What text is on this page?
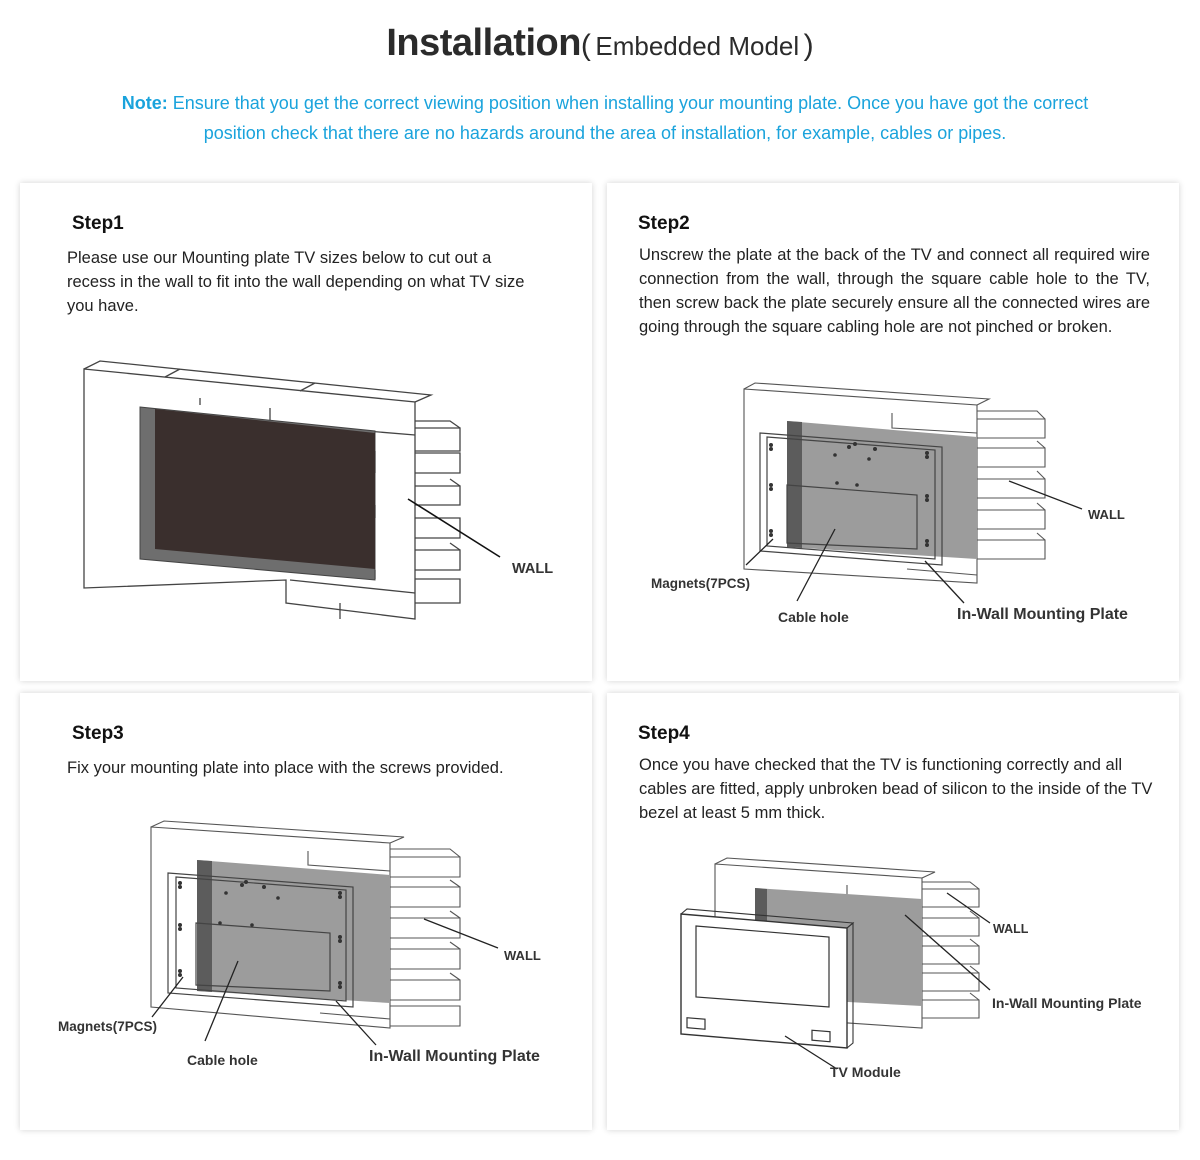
Installation( Embedded Model )
Note: Ensure that you get the correct viewing position when installing your mounting plate. Once you have got the correct position check that there are no hazards around the area of installation, for example, cables or pipes.
Step1
Please use our Mounting plate TV sizes below to cut out a recess in the wall to fit into the wall depending on what TV size you have.
WALL
Step2
Unscrew the plate at the back of the TV and connect all required wire connection from the wall, through the square cable hole to the TV, then screw back the plate securely ensure all the connected wires are going through the square cabling hole are not pinched or broken.
WALL
Magnets(7PCS)
Cable hole	In-Wall Mounting Plate
Step3
Fix your mounting plate into place with the screws provided.
WALL
Magnets(7PCS)
Cable hole	In-Wall Mounting Plate
Step4
Once you have checked that the TV is functioning correctly and all cables are fitted, apply unbroken bead of silicon to the inside of the TV bezel at least 5 mm thick.
WALL
In-Wall Mounting Plate
TV Module
